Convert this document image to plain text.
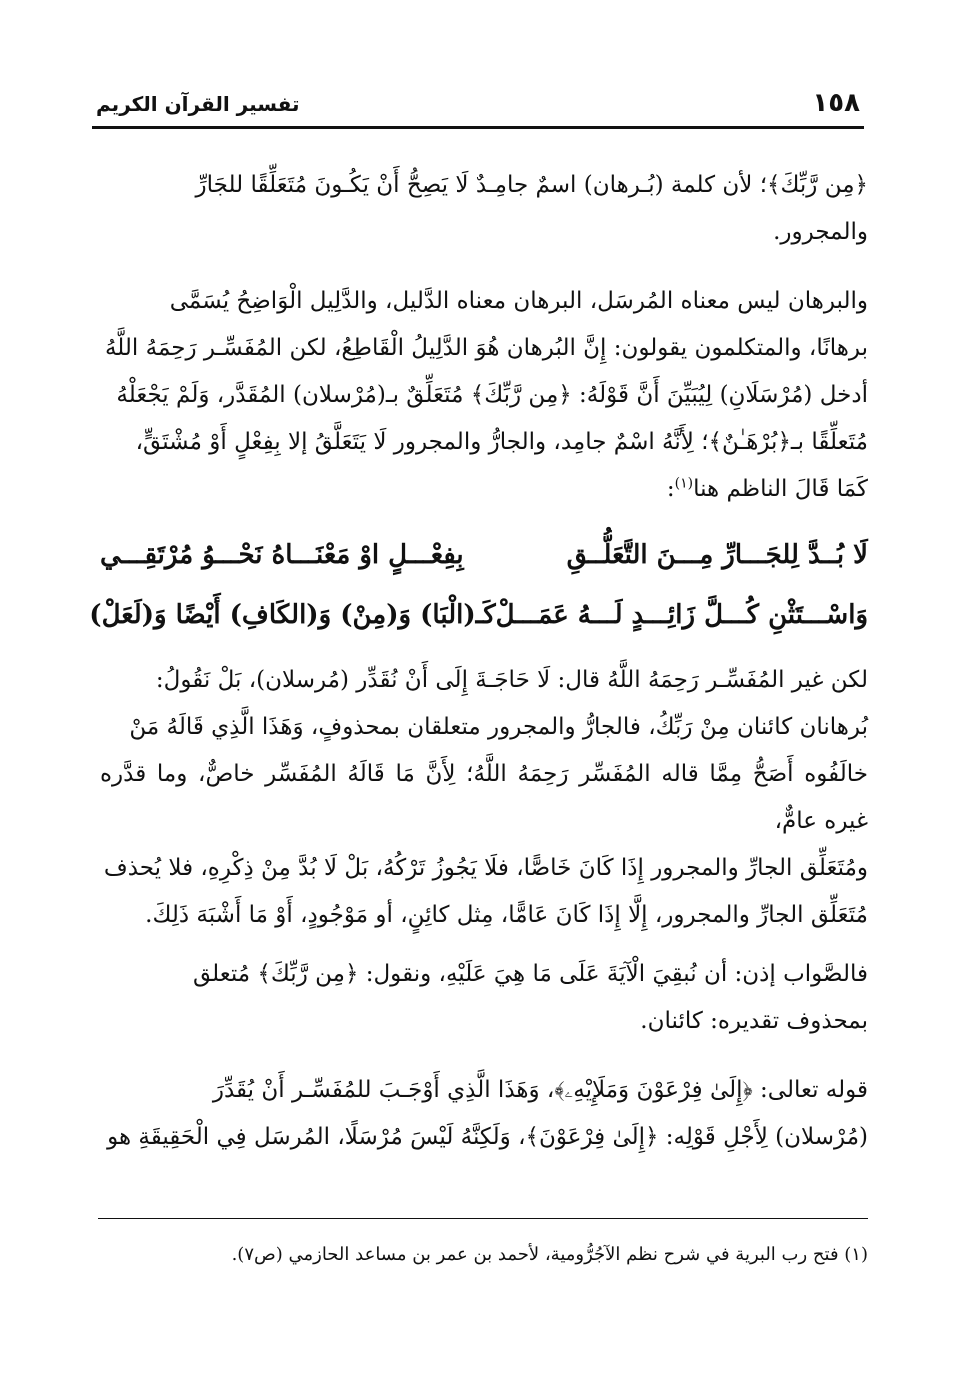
١٥٨
تفسير القرآن الكريم

﴿مِن رَّبِّكَ﴾؛ لأن كلمة (بُـرهان) اسمٌ جامِـدٌ لَا يَصِحُّ أَنْ يَكُـونَ مُتَعَلِّقًا للجَارِّ
والمجرور.

والبرهان ليس معناه المُرسَل، البرهان معناه الدَّليل، والدَّلِيل الْوَاضِحُ يُسَمَّى
برهانًا، والمتكلمون يقولون: إِنَّ البُرهان هُوَ الدَّلِيلُ الْقَاطِعُ، لكن المُفَسِّـر رَحِمَهُ اللَّهُ
أدخل (مُرْسَلَانِ) لِيُبَيِّنَ أَنَّ قَوْلَهُ: ﴿مِن رَّبِّكَ﴾ مُتَعَلِّقٌ بـ(مُرْسلان) المُقَدَّر، وَلَمْ يَجْعَلْهُ
مُتَعلِّقًا بـ﴿بُرْهَـٰنٌ﴾؛ لِأَنَّهُ اسْمٌ جامِد، والجارُّ والمجرور لَا يَتَعَلَّقُ إلا بِفِعْلٍ أَوْ مُشْتَقٍّ،
كَمَا قَالَ الناظم هنا$^{(١)}$:

لَا بُــدَّ لِلجَـــارِّ مِـــنَ التَّعَلُّــقِ
بِفِعْـــلٍ اوْ مَعْنَـــاهُ نَحْـــوُ مُرْتَقِـــي
وَاسْـــتَثْنِ كُـــلَّ زَائِـــدٍ لَـــهُ عَمَـــلْ
كَـ(الْبَا) وَ(مِنْ) وَ(الكَافِ) أَيْضًا وَ(لَعَلْ)

لكن غير المُفَسِّـر رَحِمَهُ اللَّهُ قال: لَا حَاجَـةَ إِلَى أَنْ نُقَدِّر (مُرسلان)، بَلْ نَقُولُ:
بُرهانان كائنان مِنْ رَبِّكُ، فالجارُّ والمجرور متعلقان بمحذوفٍ، وَهَذَا الَّذِي قَالَهُ مَنْ
خالَفُوه أَصَحُّ مِمَّا قاله المُفَسِّر رَحِمَهُ اللَّهُ؛ لِأَنَّ مَا قَالَهُ المُفَسِّر خاصٌّ، وما قدَّره غيره عامٌّ،
ومُتَعَلِّق الجارِّ والمجرور إِذَا كَانَ خَاصًّا، فلَا يَجُوزُ تَرْكُهُ، بَلْ لَا بُدَّ مِنْ ذِكْرِهِ، فلا يُحذف
مُتَعَلِّق الجارِّ والمجرور، إِلَّا إِذَا كَانَ عَامًّا، مِثل كائِنٍ، أو مَوْجُودٍ، أَوْ مَا أَشْبَهَ ذَلِكَ.

فالصَّواب إذن: أن نُبقِيَ الْآيَةَ عَلَى مَا هِيَ عَلَيْهِ، ونقول: ﴿مِن رَّبِّكَ﴾ مُتعلق
بمحذوف تقديره: كائنان.

قوله تعالى: ﴿إِلَىٰ فِرْعَوْنَ وَمَلَإِيْهِۦ﴾، وَهَذَا الَّذِي أَوْجَـبَ للمُفَسِّـر أَنْ يُقَدِّرَ
(مُرْسلان) لِأَجْلِ قَوْلِه: ﴿إِلَىٰ فِرْعَوْنَ﴾، وَلَكِنَّهُ لَيْسَ مُرْسَلًا، المُرسَل فِي الْحَقِيقَةِ هو

(١) فتح رب البرية في شرح نظم الآجُرُّومية، لأحمد بن عمر بن مساعد الحازمي (ص٧).
